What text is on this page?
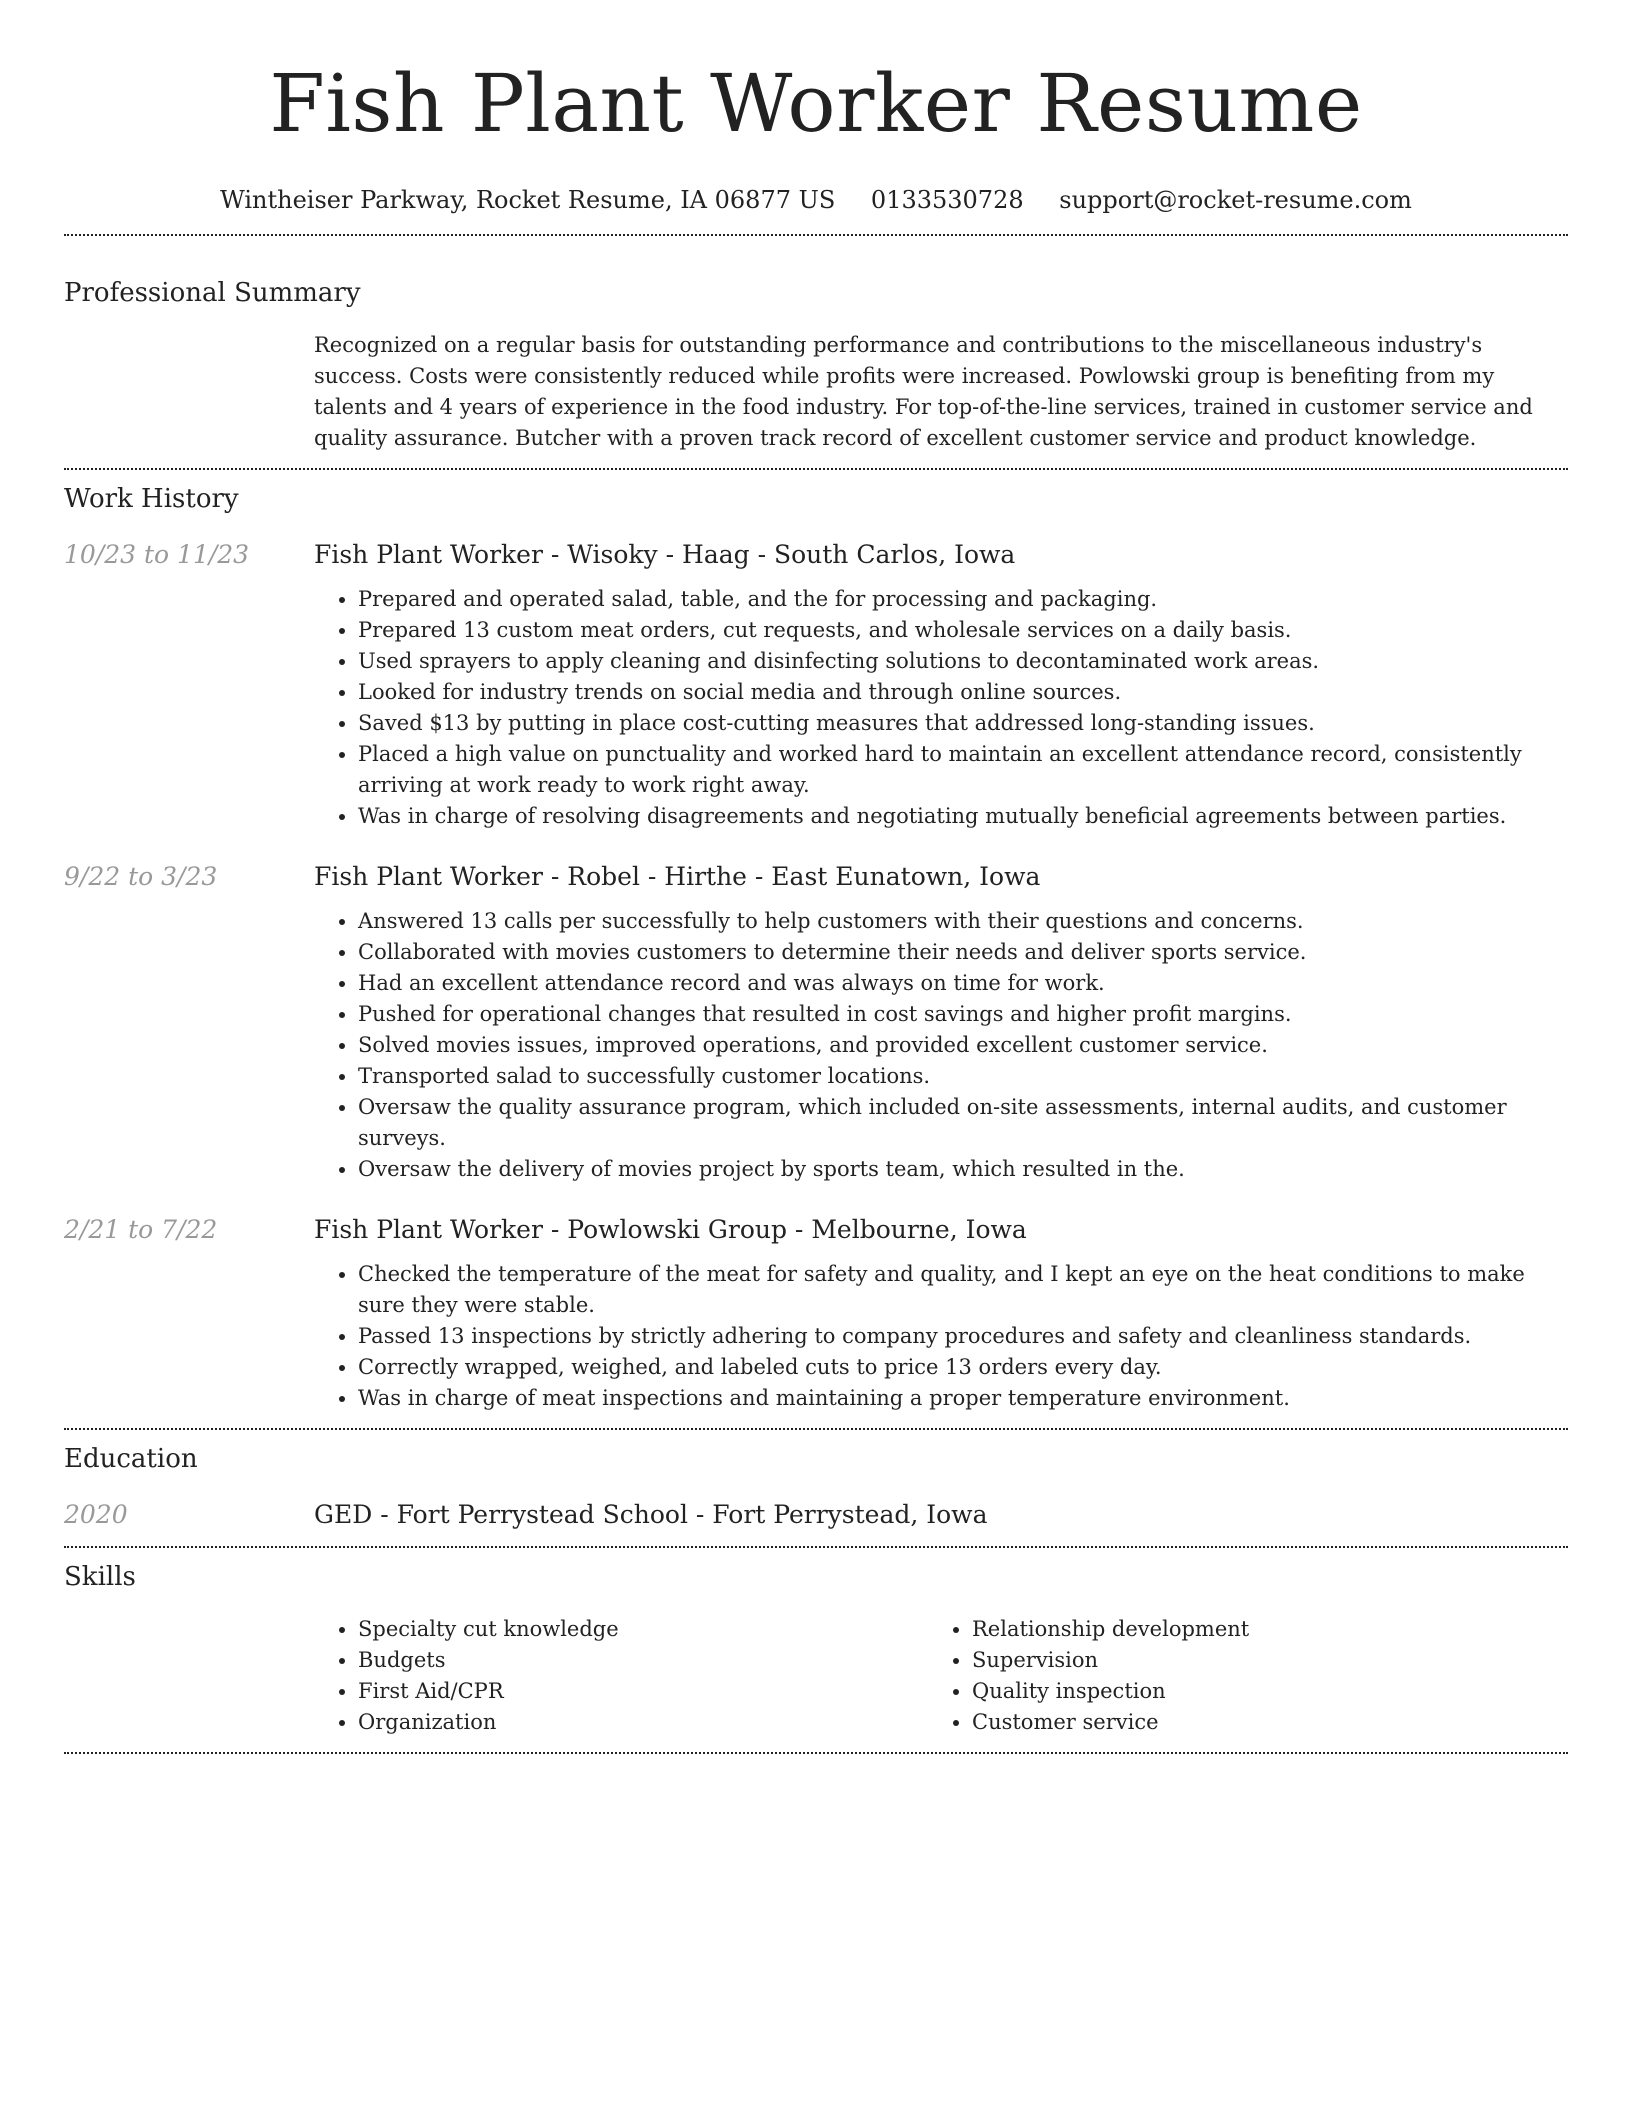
Fish Plant Worker Resume
Wintheiser Parkway, Rocket Resume, IA 06877 US 0133530728 support@rocket-resume.com
Professional Summary

Recognized on a regular basis for outstanding performance and contributions to the miscellaneous industry's success. Costs were consistently reduced while profits were increased. Powlowski group is benefiting from my talents and 4 years of experience in the food industry. For top-of-the-line services, trained in customer service and quality assurance. Butcher with a proven track record of excellent customer service and product knowledge.

Work History
10/23 to 11/23	Fish Plant Worker - Wisoky - Haag - South Carlos, Iowa
• Prepared and operated salad, table, and the for processing and packaging.
• Prepared 13 custom meat orders, cut requests, and wholesale services on a daily basis.
• Used sprayers to apply cleaning and disinfecting solutions to decontaminated work areas.
• Looked for industry trends on social media and through online sources.
• Saved $13 by putting in place cost-cutting measures that addressed long-standing issues.
• Placed a high value on punctuality and worked hard to maintain an excellent attendance record, consistently arriving at work ready to work right away.
• Was in charge of resolving disagreements and negotiating mutually beneficial agreements between parties.
9/22 to 3/23	Fish Plant Worker - Robel - Hirthe - East Eunatown, Iowa
• Answered 13 calls per successfully to help customers with their questions and concerns.
• Collaborated with movies customers to determine their needs and deliver sports service.
• Had an excellent attendance record and was always on time for work.
• Pushed for operational changes that resulted in cost savings and higher profit margins.
• Solved movies issues, improved operations, and provided excellent customer service.
• Transported salad to successfully customer locations.
• Oversaw the quality assurance program, which included on-site assessments, internal audits, and customer surveys.
• Oversaw the delivery of movies project by sports team, which resulted in the.
2/21 to 7/22	Fish Plant Worker - Powlowski Group - Melbourne, Iowa
• Checked the temperature of the meat for safety and quality, and I kept an eye on the heat conditions to make sure they were stable.
• Passed 13 inspections by strictly adhering to company procedures and safety and cleanliness standards.
• Correctly wrapped, weighed, and labeled cuts to price 13 orders every day.
• Was in charge of meat inspections and maintaining a proper temperature environment.
Education
2020	GED - Fort Perrystead School - Fort Perrystead, Iowa
Skills
• Specialty cut knowledge
• Budgets
• First Aid/CPR
• Organization
• Relationship development
• Supervision
• Quality inspection
• Customer service
